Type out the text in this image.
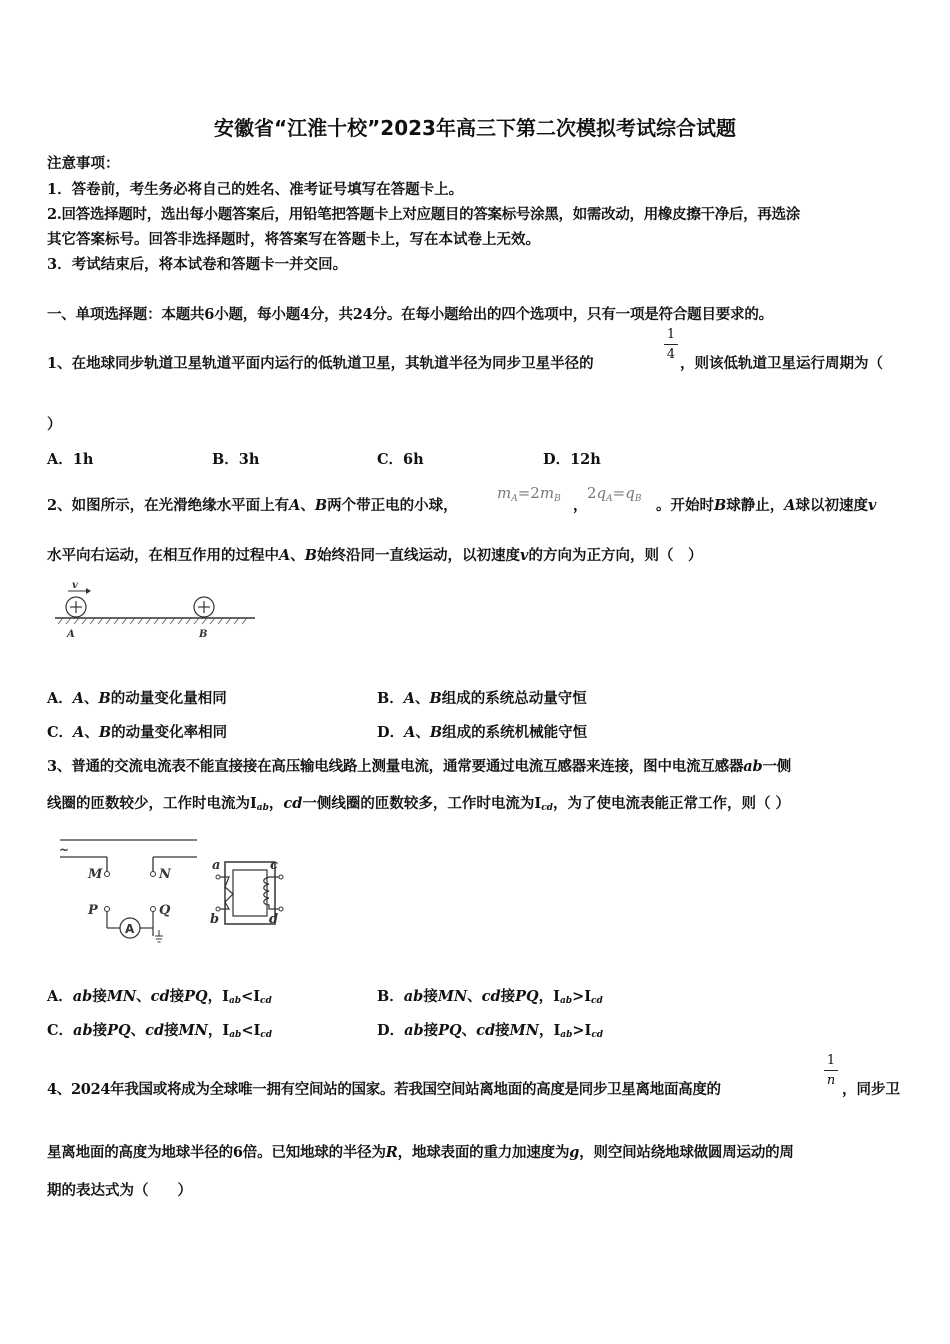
安徽省“江淮十校”2023年高三下第二次模拟考试综合试题
注意事项：
1．答卷前，考生务必将自己的姓名、准考证号填写在答题卡上。
2.回答选择题时，选出每小题答案后，用铅笔把答题卡上对应题目的答案标号涂黑，如需改动，用橡皮擦干净后，再选涂
其它答案标号。回答非选择题时，将答案写在答题卡上，写在本试卷上无效。
3．考试结束后，将本试卷和答题卡一并交回。
一、单项选择题：本题共6小题，每小题4分，共24分。在每小题给出的四个选项中，只有一项是符合题目要求的。
1、在地球同步轨道卫星轨道平面内运行的低轨道卫星，其轨道半径为同步卫星半径的
1
4
，则该低轨道卫星运行周期为（
）
A．1h	B．3h	C．6h	D．12h
2、如图所示，在光滑绝缘水平面上有A、B两个带正电的小球，
$m_A=2m_B$ ，
$2q_A=q_B$ 。开始时B球静止，A球以初速度v
水平向右运动，在相互作用的过程中A、B始终沿同一直线运动，以初速度v的方向为正方向，则（　）
v
A	B
A．A、B的动量变化量相同	B．A、B组成的系统总动量守恒
C．A、B的动量变化率相同	D．A、B组成的系统机械能守恒
3、普通的交流电流表不能直接接在高压输电线路上测量电流，通常要通过电流互感器来连接，图中电流互感器ab一侧
线圈的匝数较少，工作时电流为$I_{ab}$，cd一侧线圈的匝数较多，工作时电流为$I_{cd}$，为了使电流表能正常工作，则（ ）
~
M	N
P
A
Q
a
b
c
d
A．ab接MN、cd接PQ，$I_{ab}<I_{cd}$	B．ab接MN、cd接PQ，$I_{ab}>I_{cd}$
C．ab接PQ、cd接MN，$I_{ab}<I_{cd}$	D．ab接PQ、cd接MN，$I_{ab}>I_{cd}$
4、2024年我国或将成为全球唯一拥有空间站的国家。若我国空间站离地面的高度是同步卫星离地面高度的
1
n
，同步卫
星离地面的高度为地球半径的6倍。已知地球的半径为R，地球表面的重力加速度为g，则空间站绕地球做圆周运动的周
期的表达式为（　　）
